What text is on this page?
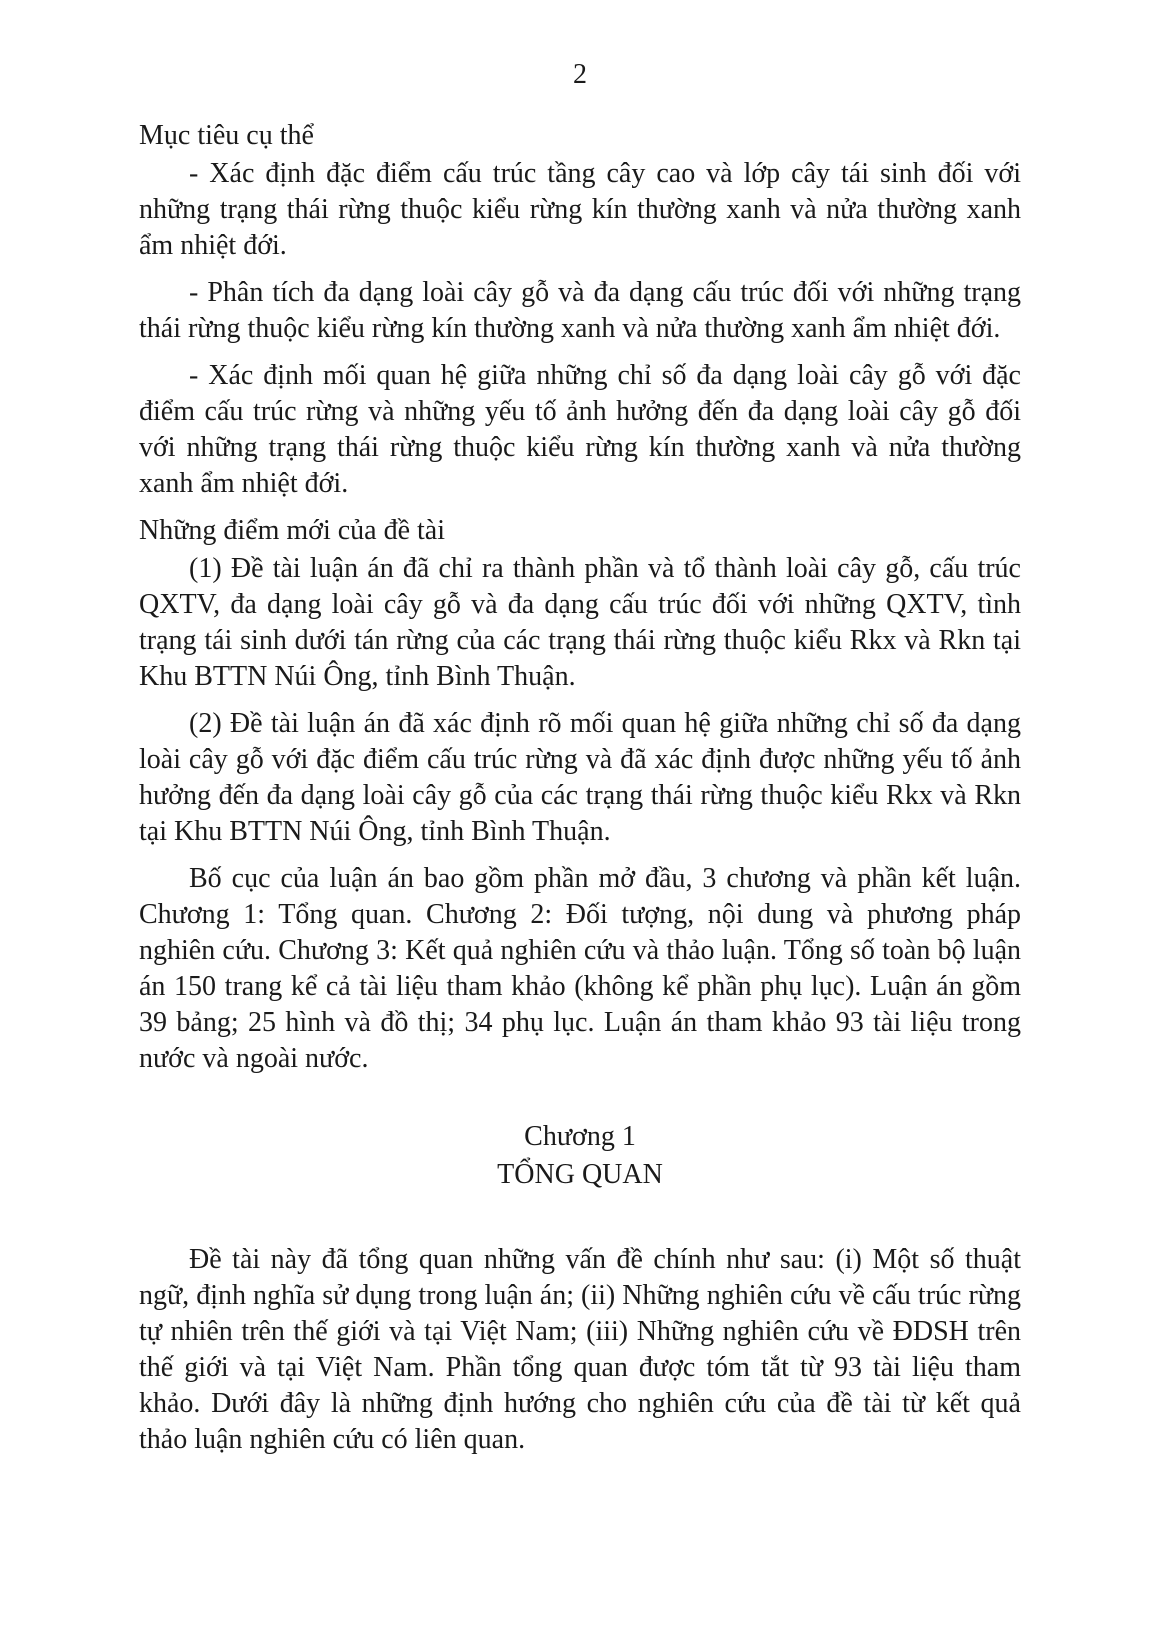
2

Mục tiêu cụ thể

- Xác định đặc điểm cấu trúc tầng cây cao và lớp cây tái sinh đối với những trạng thái rừng thuộc kiểu rừng kín thường xanh và nửa thường xanh ẩm nhiệt đới.

- Phân tích đa dạng loài cây gỗ và đa dạng cấu trúc đối với những trạng thái rừng thuộc kiểu rừng kín thường xanh và nửa thường xanh ẩm nhiệt đới.

- Xác định mối quan hệ giữa những chỉ số đa dạng loài cây gỗ với đặc điểm cấu trúc rừng và những yếu tố ảnh hưởng đến đa dạng loài cây gỗ đối với những trạng thái rừng thuộc kiểu rừng kín thường xanh và nửa thường xanh ẩm nhiệt đới.

Những điểm mới của đề tài

(1) Đề tài luận án đã chỉ ra thành phần và tổ thành loài cây gỗ, cấu trúc QXTV, đa dạng loài cây gỗ và đa dạng cấu trúc đối với những QXTV, tình trạng tái sinh dưới tán rừng của các trạng thái rừng thuộc kiểu Rkx và Rkn tại Khu BTTN Núi Ông, tỉnh Bình Thuận.

(2) Đề tài luận án đã xác định rõ mối quan hệ giữa những chỉ số đa dạng loài cây gỗ với đặc điểm cấu trúc rừng và đã xác định được những yếu tố ảnh hưởng đến đa dạng loài cây gỗ của các trạng thái rừng thuộc kiểu Rkx và Rkn tại Khu BTTN Núi Ông, tỉnh Bình Thuận.

Bố cục của luận án bao gồm phần mở đầu, 3 chương và phần kết luận. Chương 1: Tổng quan. Chương 2: Đối tượng, nội dung và phương pháp nghiên cứu. Chương 3: Kết quả nghiên cứu và thảo luận. Tổng số toàn bộ luận án 150 trang kể cả tài liệu tham khảo (không kể phần phụ lục). Luận án gồm 39 bảng; 25 hình và đồ thị; 34 phụ lục. Luận án tham khảo 93 tài liệu trong nước và ngoài nước.

Chương 1
TỔNG QUAN

Đề tài này đã tổng quan những vấn đề chính như sau: (i) Một số thuật ngữ, định nghĩa sử dụng trong luận án; (ii) Những nghiên cứu về cấu trúc rừng tự nhiên trên thế giới và tại Việt Nam; (iii) Những nghiên cứu về ĐDSH trên thế giới và tại Việt Nam. Phần tổng quan được tóm tắt từ 93 tài liệu tham khảo. Dưới đây là những định hướng cho nghiên cứu của đề tài từ kết quả thảo luận nghiên cứu có liên quan.
